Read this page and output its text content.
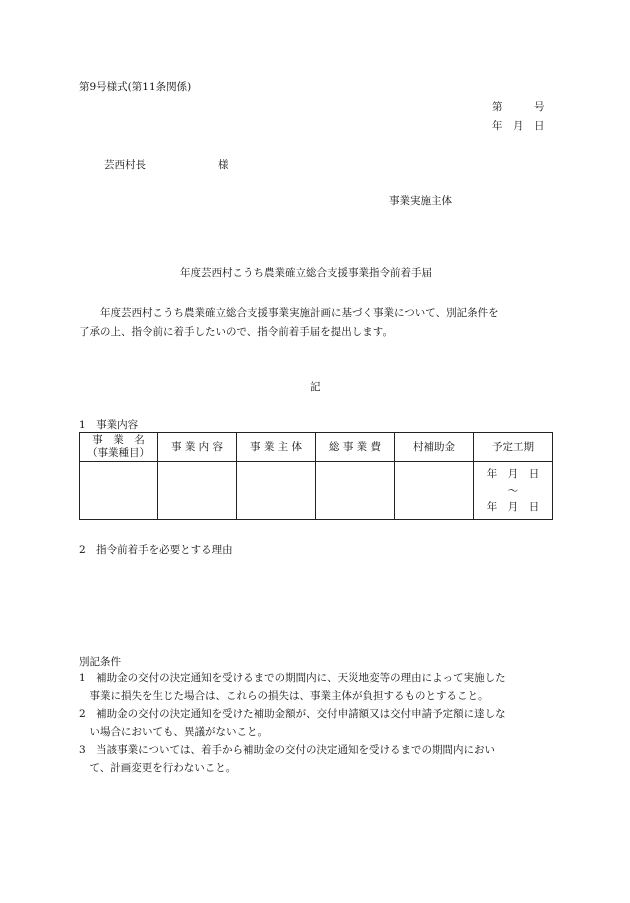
第9号様式(第11条関係)
第　　　号
年　月　日
芸西村長	様
事業実施主体
年度芸西村こうち農業確立総合支援事業指令前着手届
年度芸西村こうち農業確立総合支援事業実施計画に基づく事業について、別記条件を
了承の上、指令前に着手したいので、指令前着手届を提出します。
記
1　事業内容
事　業　名
（事業種目）	事 業 内 容	事 業 主 体	総 事 業 費	村補助金	予定工期

					年　月　日
～
年　月　日
2　指令前着手を必要とする理由
別記条件
1　補助金の交付の決定通知を受けるまでの期間内に、天災地変等の理由によって実施した
　事業に損失を生じた場合は、これらの損失は、事業主体が負担するものとすること。
2　補助金の交付の決定通知を受けた補助金額が、交付申請額又は交付申請予定額に達しな
　い場合においても、異議がないこと。
3　当該事業については、着手から補助金の交付の決定通知を受けるまでの期間内におい
　て、計画変更を行わないこと。
